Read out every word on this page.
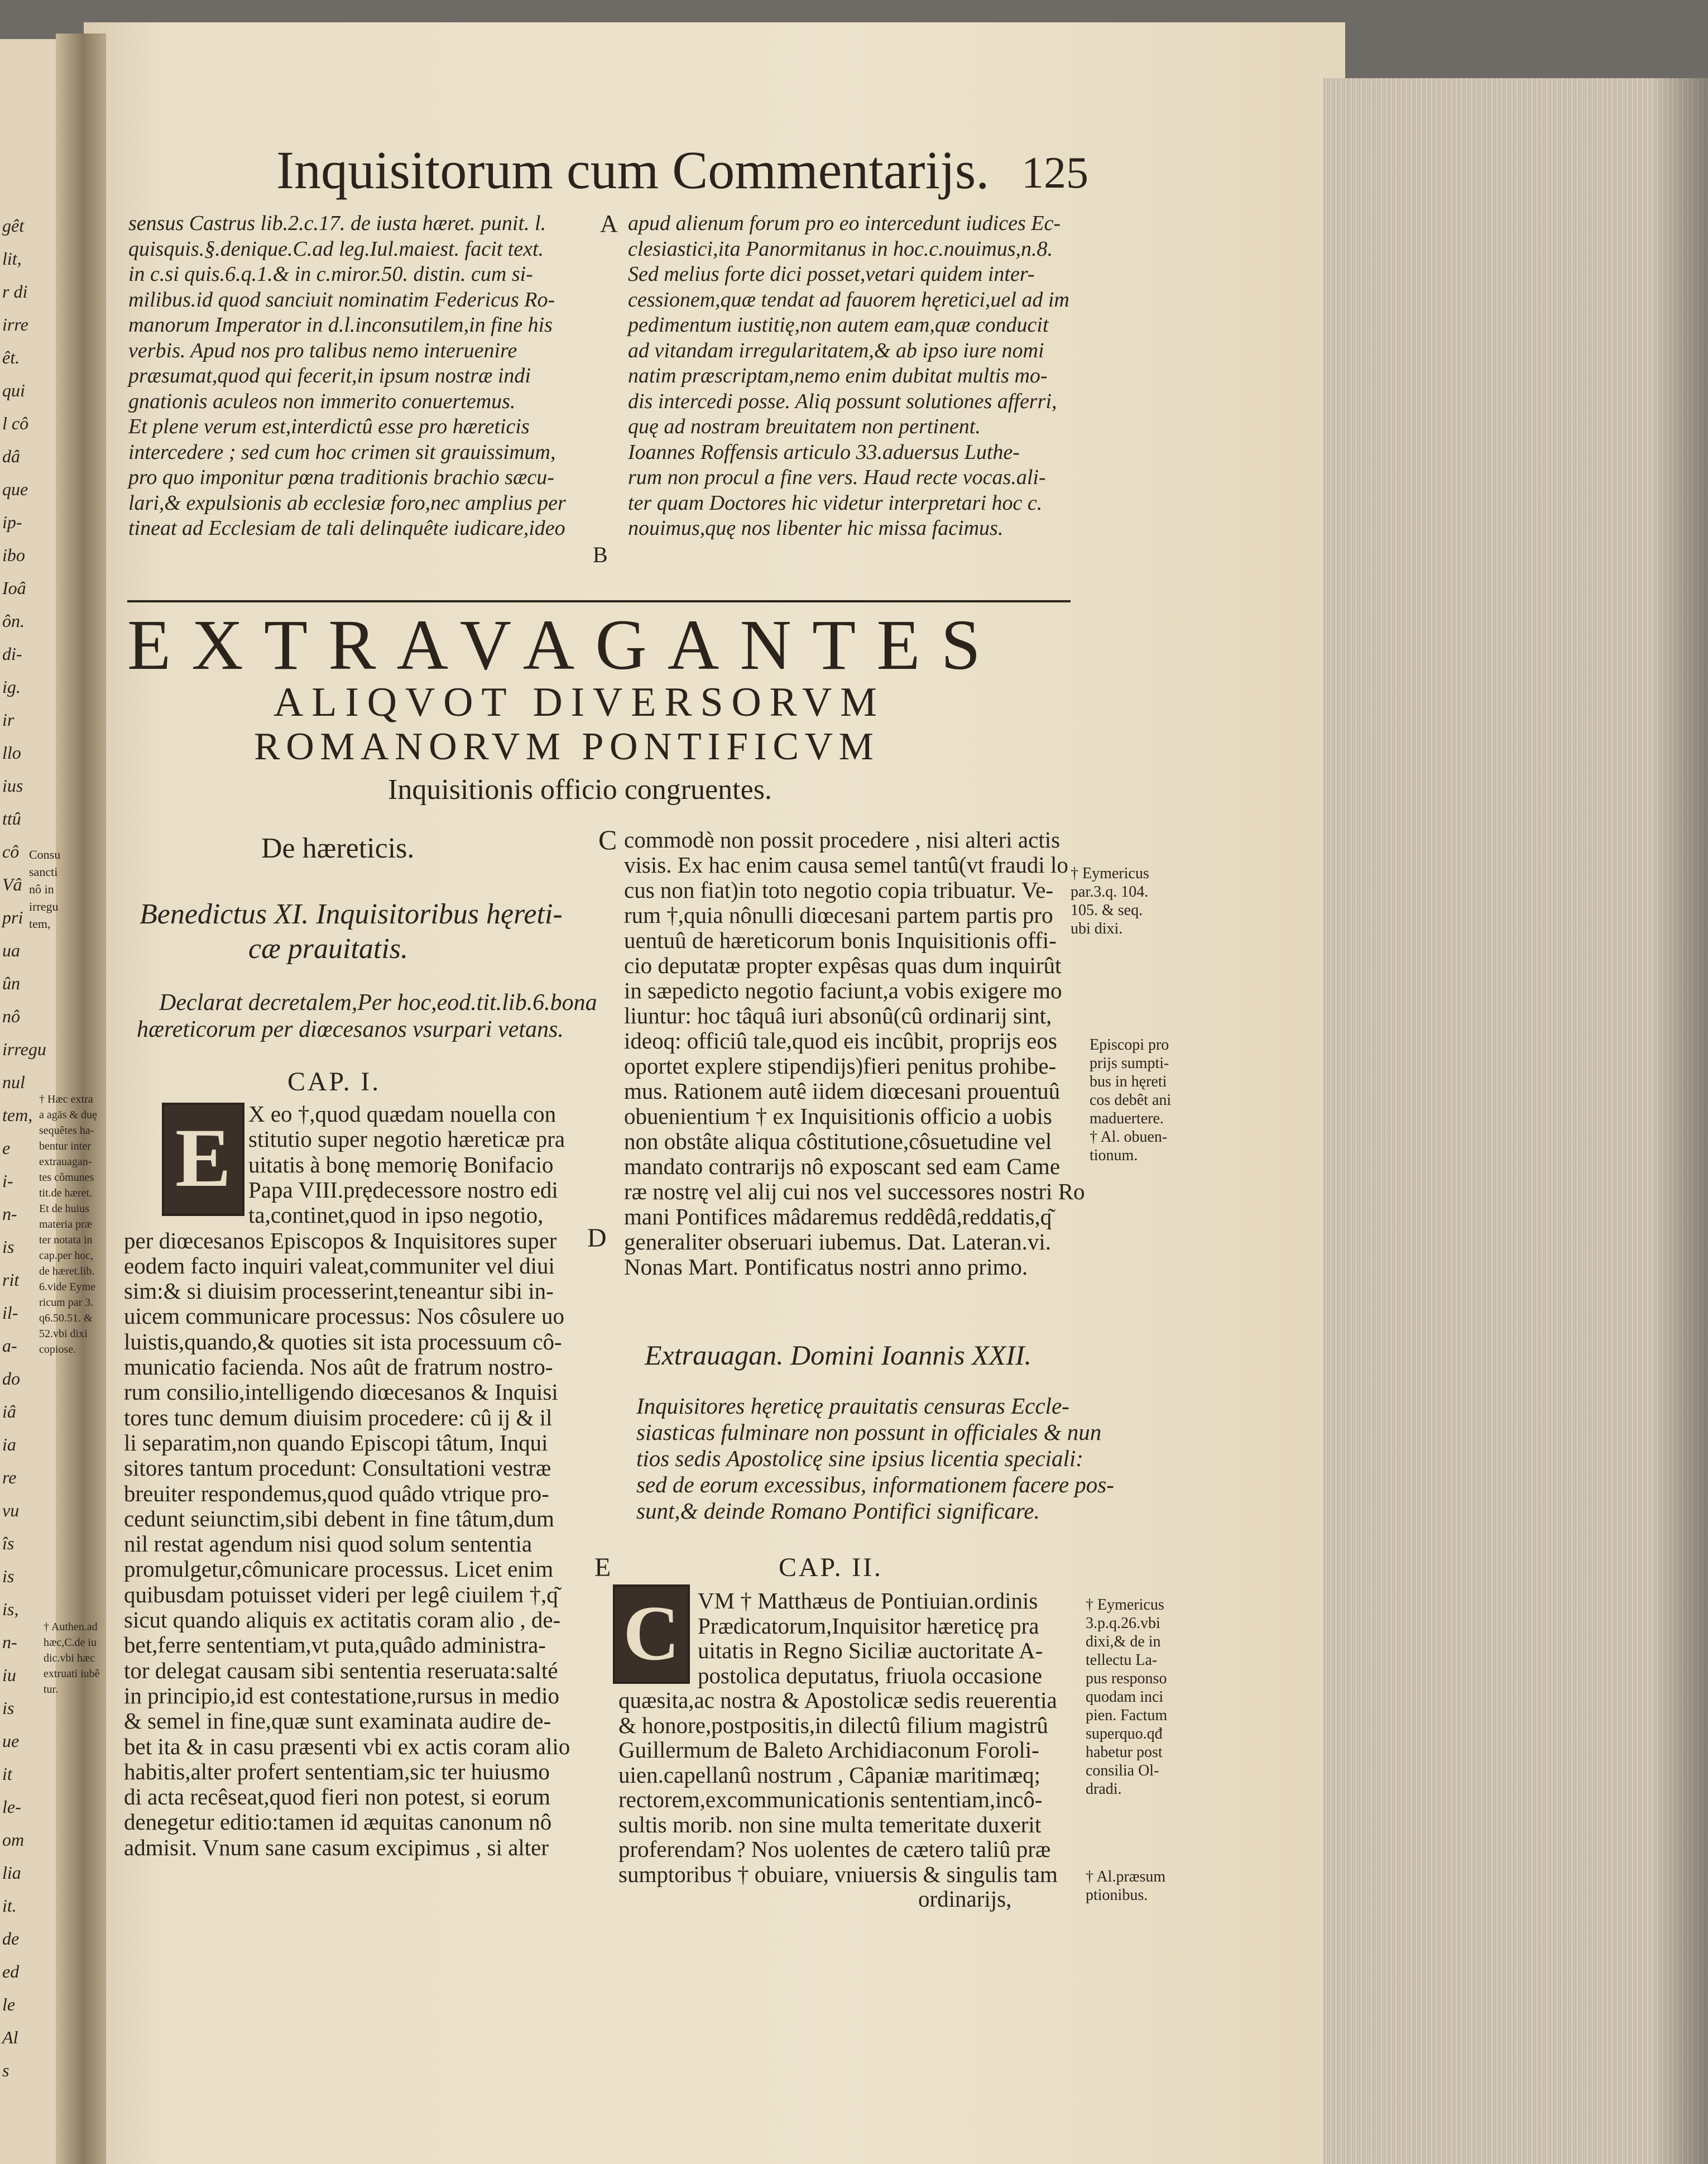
gêt
lit,
r di
irre
êt.
qui
l cô
dâ
que
ip-
ibo
Ioâ
ôn.
di-
ig.
ir
llo
ius
ttû
cô
Vâ
pri
ua
ûn
nô
irregu
nul
tem,
e
i-
n-
is
rit
il-
a-
do
iâ
ia
re
vu
îs
is
is,
n-
iu
is
ue
it
le-
om
lia
it.
de
ed
le
Al
s
Inquisitorum cum Commentarijs. 125
sensus Castrus lib.2.c.17. de iusta hæret. punit. l.
quisquis.§.denique.C.ad leg.Iul.maiest. facit text.
in c.si quis.6.q.1.& in c.miror.50. distin. cum si-
milibus.id quod sanciuit nominatim Federicus Ro-
manorum Imperator in d.l.inconsutilem,in fine his
verbis. Apud nos pro talibus nemo interuenire
præsumat,quod qui fecerit,in ipsum nostræ indi
gnationis aculeos non immerito conuertemus.
Et plene verum est,interdictû esse pro hæreticis
intercedere ; sed cum hoc crimen sit grauissimum,
pro quo imponitur pœna traditionis brachio sæcu-
lari,& expulsionis ab ecclesiæ foro,nec amplius per
tineat ad Ecclesiam de tali delinquête iudicare,ideo
apud alienum forum pro eo intercedunt iudices Ec-
clesiastici,ita Panormitanus in hoc.c.nouimus,n.8.
Sed melius forte dici posset,vetari quidem inter-
cessionem,quæ tendat ad fauorem hęretici,uel ad im
pedimentum iustitię,non autem eam,quæ conducit
ad vitandam irregularitatem,& ab ipso iure nomi
natim præscriptam,nemo enim dubitat multis mo-
dis intercedi posse. Aliq possunt solutiones afferri,
quę ad nostram breuitatem non pertinent.
Ioannes Roffensis articulo 33.aduersus Luthe-
rum non procul a fine vers. Haud recte vocas.ali-
ter quam Doctores hic videtur interpretari hoc c.
nouimus,quę nos libenter hic missa facimus.
A
B
EXTRAVAGANTES
ALIQVOT DIVERSORVM
ROMANORVM PONTIFICVM
Inquisitionis officio congruentes.
De hæreticis.
Benedictus XI. Inquisitoribus hęreti-
cæ prauitatis.
Declarat decretalem,Per hoc,eod.tit.lib.6.bona
hæreticorum per diœcesanos vsurpari vetans.
CAP. I.
E X eo †,quod quædam nouella con
stitutio super negotio hæreticæ pra
uitatis à bonę memorię Bonifacio
Papa VIII.prędecessore nostro edi
ta,continet,quod in ipso negotio,
per diœcesanos Episcopos & Inquisitores super
eodem facto inquiri valeat,communiter vel diui
sim:& si diuisim processerint,teneantur sibi in-
uicem communicare processus: Nos côsulere uo
luistis,quando,& quoties sit ista processuum cô-
municatio facienda. Nos aût de fratrum nostro-
rum consilio,intelligendo diœcesanos & Inquisi
tores tunc demum diuisim procedere: cû ij & il
li separatim,non quando Episcopi tâtum, Inqui
sitores tantum procedunt: Consultationi vestræ
breuiter respondemus,quod quâdo vtrique pro-
cedunt seiunctim,sibi debent in fine tâtum,dum
nil restat agendum nisi quod solum sententia
promulgetur,cômunicare processus. Licet enim
quibusdam potuisset videri per legê ciuilem †,q͂
sicut quando aliquis ex actitatis coram alio , de-
bet,ferre sententiam,vt puta,quâdo administra-
tor delegat causam sibi sententia reseruata:salté
in principio,id est contestatione,rursus in medio
& semel in fine,quæ sunt examinata audire de-
bet ita & in casu præsenti vbi ex actis coram alio
habitis,alter profert sententiam,sic ter huiusmo
di acta recêseat,quod fieri non potest, si eorum
denegetur editio:tamen id æquitas canonum nô
admisit. Vnum sane casum excipimus , si alter
C
D
E
commodè non possit procedere , nisi alteri actis
visis. Ex hac enim causa semel tantû(vt fraudi lo
cus non fiat)in toto negotio copia tribuatur. Ve-
rum †,quia nônulli diœcesani partem partis pro
uentuû de hæreticorum bonis Inquisitionis offi-
cio deputatæ propter expêsas quas dum inquirût
in sæpedicto negotio faciunt,a vobis exigere mo
liuntur: hoc tâquâ iuri absonû(cû ordinarij sint,
ideoq: officiû tale,quod eis incûbit, proprijs eos
oportet explere stipendijs)fieri penitus prohibe-
mus. Rationem autê iidem diœcesani prouentuû
obuenientium † ex Inquisitionis officio a uobis
non obstâte aliqua côstitutione,côsuetudine vel
mandato contrarijs nô exposcant sed eam Came
ræ nostrę vel alij cui nos vel successores nostri Ro
mani Pontifices mâdaremus reddêdâ,reddatis,q͂
generaliter obseruari iubemus. Dat. Lateran.vi.
Nonas Mart. Pontificatus nostri anno primo.
Extrauagan. Domini Ioannis XXII.
Inquisitores hęreticę prauitatis censuras Eccle-
siasticas fulminare non possunt in officiales & nun
tios sedis Apostolicę sine ipsius licentia speciali:
sed de eorum excessibus, informationem facere pos-
sunt,& deinde Romano Pontifici significare.
CAP. II.
C VM † Matthæus de Pontiuian.ordinis
Prædicatorum,Inquisitor hæreticę pra
uitatis in Regno Siciliæ auctoritate A-
postolica deputatus, friuola occasione
quæsita,ac nostra & Apostolicæ sedis reuerentia
& honore,postpositis,in dilectû filium magistrû
Guillermum de Baleto Archidiaconum Foroli-
uien.capellanû nostrum , Câpaniæ maritimæq;
rectorem,excommunicationis sententiam,incô-
sultis morib. non sine multa temeritate duxerit
proferendam? Nos uolentes de cætero taliû præ
sumptoribus † obuiare, vniuersis & singulis tam
ordinarijs,
† Eymericus
par.3.q. 104.
105. & seq.
ubi dixi.
Episcopi pro
prijs sumpti-
bus in hęreti
cos debêt ani
maduertere.
† Al. obuen-
tionum.
† Eymericus
3.p.q.26.vbi
dixi,& de in
tellectu La-
pus responso
quodam inci
pien. Factum
superquo.qđ
habetur post
consilia Ol-
dradi.
† Al.præsum
ptionibus.
Consu
sancti
nô in
irregu
tem,
† Hæc extra
a agäs & duę
sequêtes ha-
bentur inter
extrauagan-
tes cômunes
tit.de hæret.
Et de huius
materia præ
ter notata in
cap.per hoc,
de hæret.lib.
6.vide Eyme
ricum par 3.
q6.50.51. &
52.vbi dixi
copiose.
† Authen.ad
hæc,C.de iu
dic.vbi hæc
extruati iubê
tur.
